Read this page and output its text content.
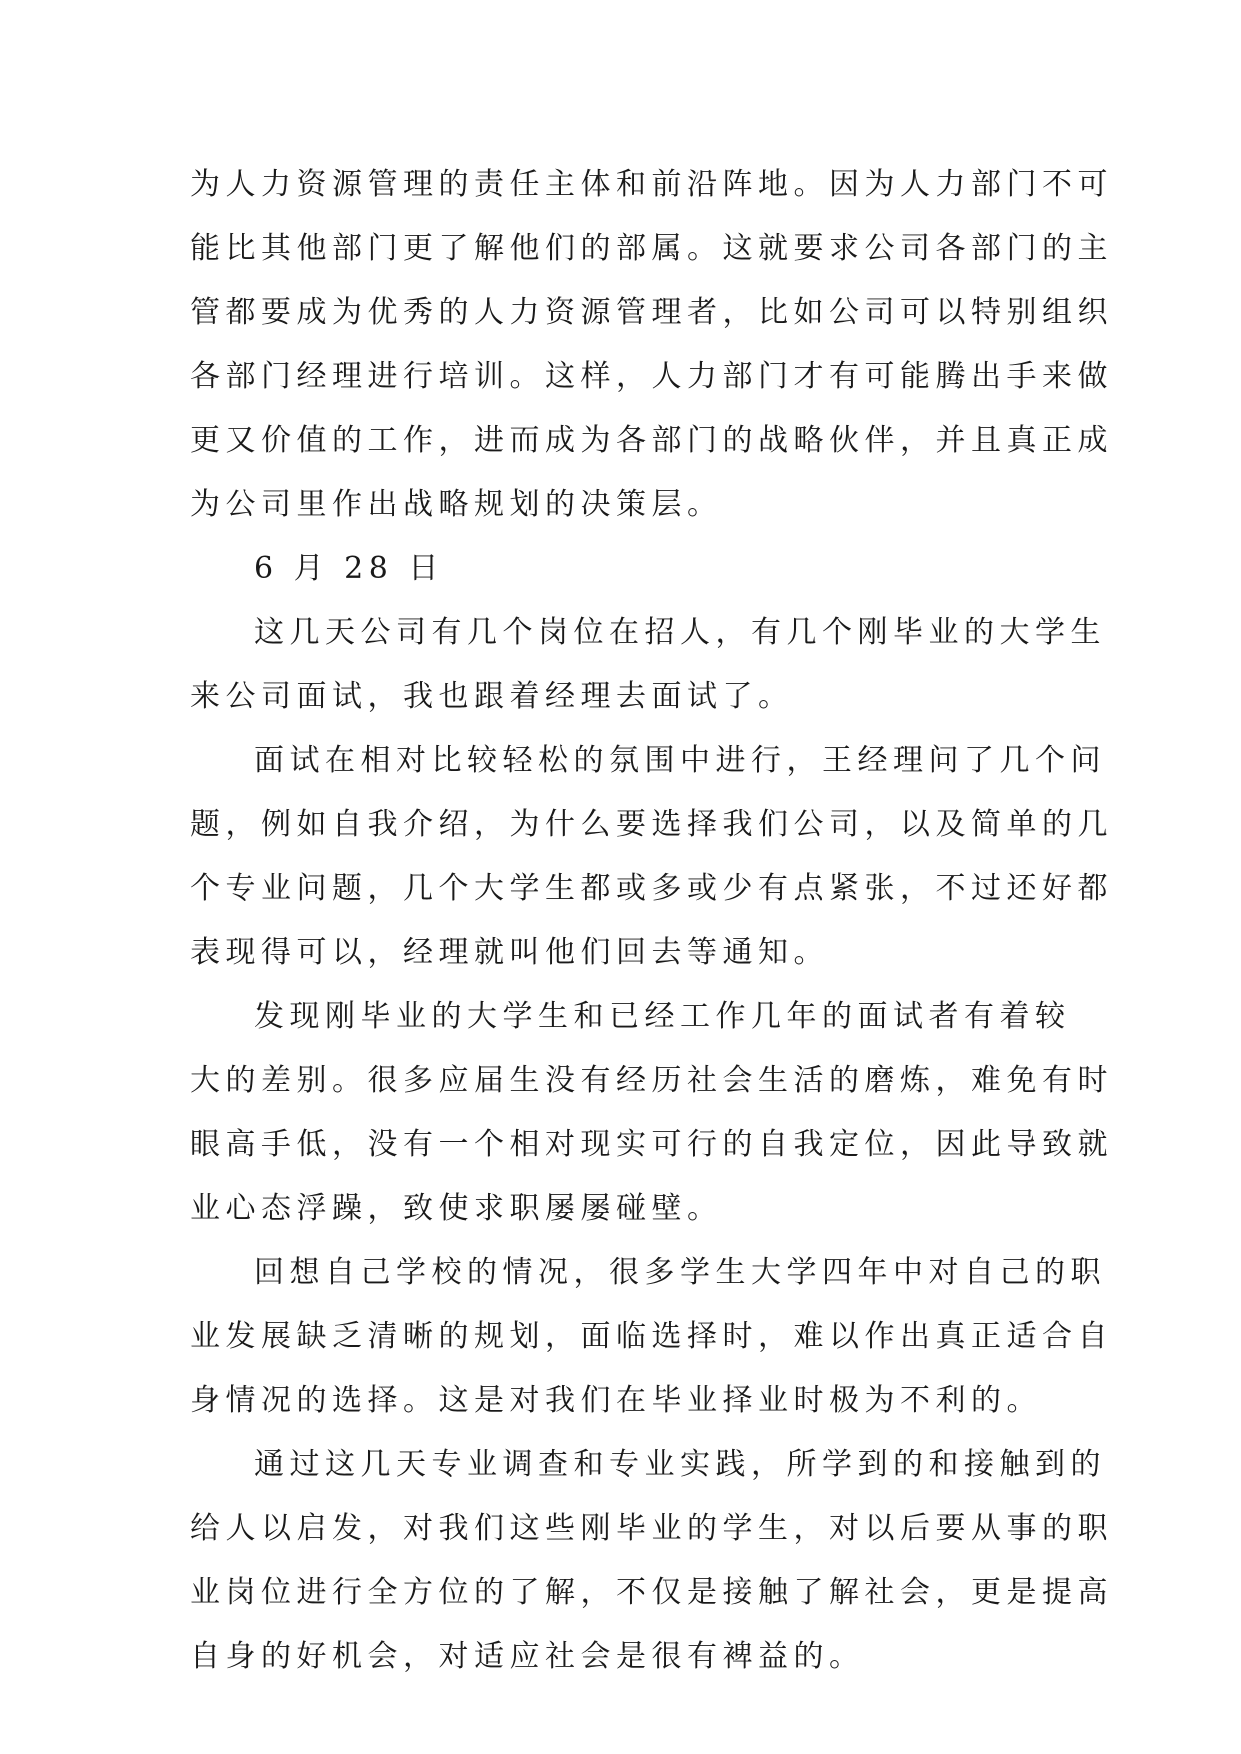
为人力资源管理的责任主体和前沿阵地。因为人力部门不可

能比其他部门更了解他们的部属。这就要求公司各部门的主

管都要成为优秀的人力资源管理者，比如公司可以特别组织

各部门经理进行培训。这样，人力部门才有可能腾出手来做

更又价值的工作，进而成为各部门的战略伙伴，并且真正成

为公司里作出战略规划的决策层。

6 月 28 日

这几天公司有几个岗位在招人，有几个刚毕业的大学生

来公司面试，我也跟着经理去面试了。

面试在相对比较轻松的氛围中进行，王经理问了几个问

题，例如自我介绍，为什么要选择我们公司，以及简单的几

个专业问题，几个大学生都或多或少有点紧张，不过还好都

表现得可以，经理就叫他们回去等通知。

发现刚毕业的大学生和已经工作几年的面试者有着较

大的差别。很多应届生没有经历社会生活的磨炼，难免有时

眼高手低，没有一个相对现实可行的自我定位，因此导致就

业心态浮躁，致使求职屡屡碰壁。

回想自己学校的情况，很多学生大学四年中对自己的职

业发展缺乏清晰的规划，面临选择时，难以作出真正适合自

身情况的选择。这是对我们在毕业择业时极为不利的。

通过这几天专业调查和专业实践，所学到的和接触到的

给人以启发，对我们这些刚毕业的学生，对以后要从事的职

业岗位进行全方位的了解，不仅是接触了解社会，更是提高

自身的好机会，对适应社会是很有裨益的。
